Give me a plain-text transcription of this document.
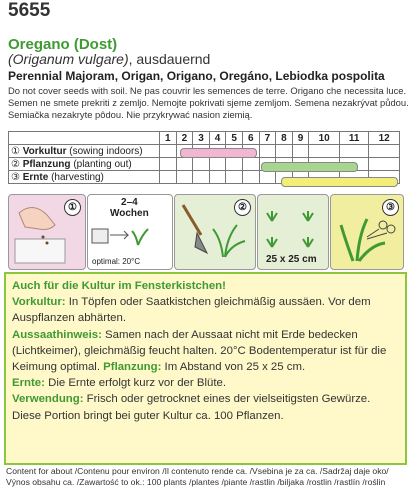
5655
Oregano (Dost)
(Origanum vulgare), ausdauernd
Perennial Majoram, Origan, Origano, Oregáno, Lebiodka pospolita
Do not cover seeds with soil. Ne pas couvrir les semences de terre. Origano che necessita luce.
Semen ne smete prekriti z zemljo. Nemojte pokrivati sjeme zemljom. Semena nezakrývat půdou.
Semiačka nezakryte pôdou. Nie przykrywać nasion ziemią.
	1	2	3	4	5	6	7	8	9	10	11	12
① Vorkultur (sowing indoors)												
② Pflanzung (planting out)												
③ Ernte (harvesting)												
①	2–4
Wochen
optimal: 20°C
②
25 x 25 cm
③

Auch für die Kultur im Fensterkistchen!

Vorkultur: In Töpfen oder Saatkistchen gleichmäßig aussäen. Vor dem

Auspflanzen abhärten.

Aussaathinweis: Samen nach der Aussaat nicht mit Erde bedecken

(Lichtkeimer), gleichmäßig feucht halten. 20°C Bodentemperatur ist für die

Keimung optimal. Pflanzung: Im Abstand von 25 x 25 cm.

Ernte: Die Ernte erfolgt kurz vor der Blüte.

Verwendung: Frisch oder getrocknet eines der vielseitigsten Gewürze.

Diese Portion bringt bei guter Kultur ca. 100 Pflanzen.

Content for about /Contenu pour environ /Il contenuto rende ca. /Vsebina je za ca. /Sadržaj daje oko/
Výnos obsahu ca. /Zawartość to ok.: 100 plants /plantes /piante /rastlin /biljaka /rostlin /rastlín /roślin
